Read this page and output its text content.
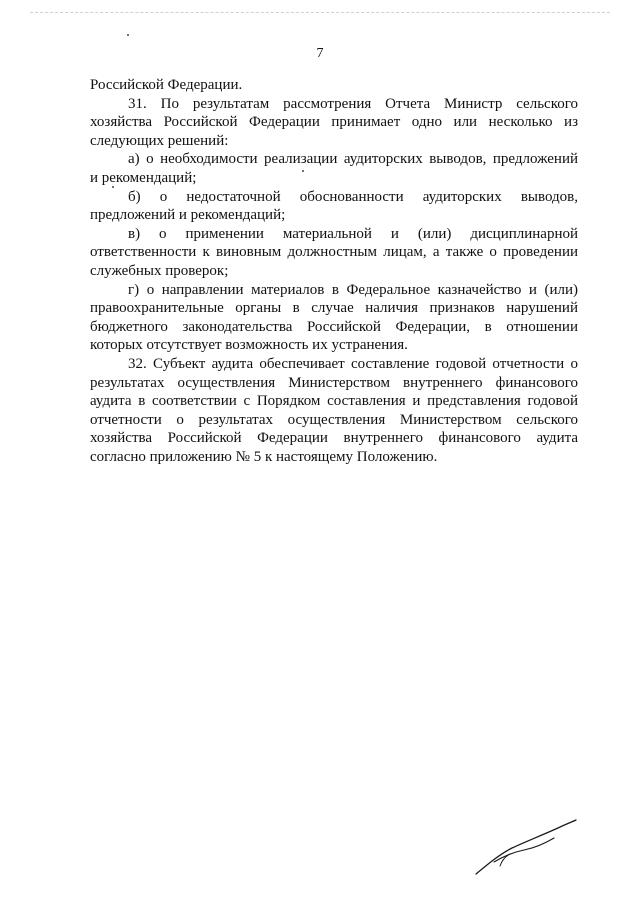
7
Российской Федерации.
31. По результатам рассмотрения Отчета Министр сельского
хозяйства Российской Федерации принимает одно или несколько из
следующих решений:
а) о необходимости реализации аудиторских выводов, предложений
и рекомендаций;
б) о недостаточной обоснованности аудиторских выводов,
предложений и рекомендаций;
в) о применении материальной и (или) дисциплинарной
ответственности к виновным должностным лицам, а также о проведении
служебных проверок;
г) о направлении материалов в Федеральное казначейство и (или)
правоохранительные органы в случае наличия признаков нарушений
бюджетного законодательства Российской Федерации, в отношении
которых отсутствует возможность их устранения.
32. Субъект аудита обеспечивает составление годовой отчетности о
результатах осуществления Министерством внутреннего финансового
аудита в соответствии с Порядком составления и представления годовой
отчетности о результатах осуществления Министерством сельского
хозяйства Российской Федерации внутреннего финансового аудита
согласно приложению № 5 к настоящему Положению.
